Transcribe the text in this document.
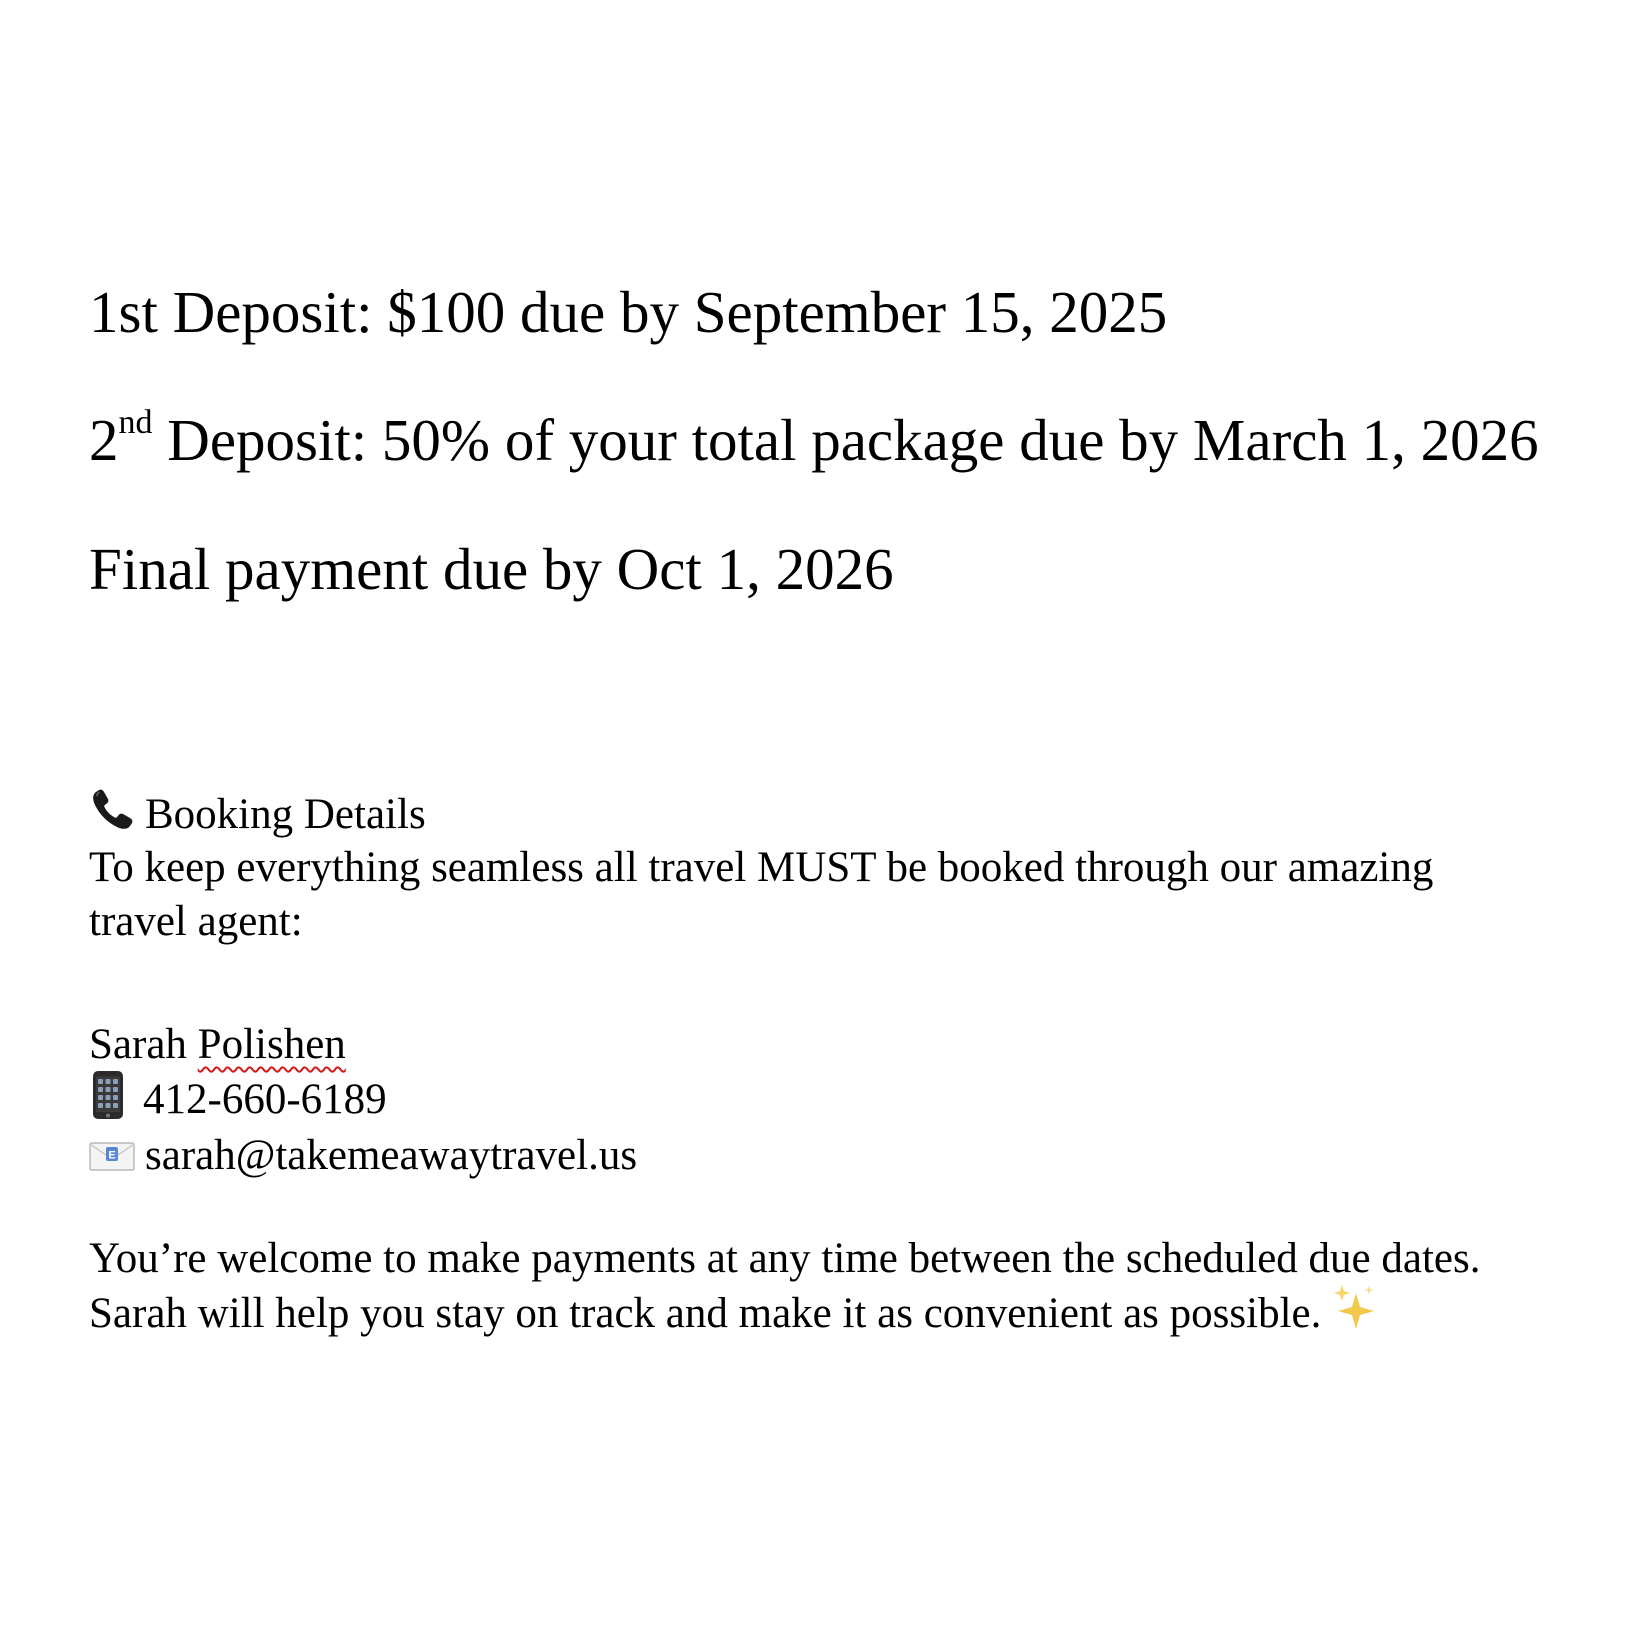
1st Deposit: $100 due by September 15, 2025
2nd Deposit: 50% of your total package due by March 1, 2026
Final payment due by Oct 1, 2026
Booking Details
To keep everything seamless all travel MUST be booked through our amazing
travel agent:
Sarah Polishen
412-660-6189
E sarah@takemeawaytravel.us
You’re welcome to make payments at any time between the scheduled due dates.
Sarah will help you stay on track and make it as convenient as possible.
